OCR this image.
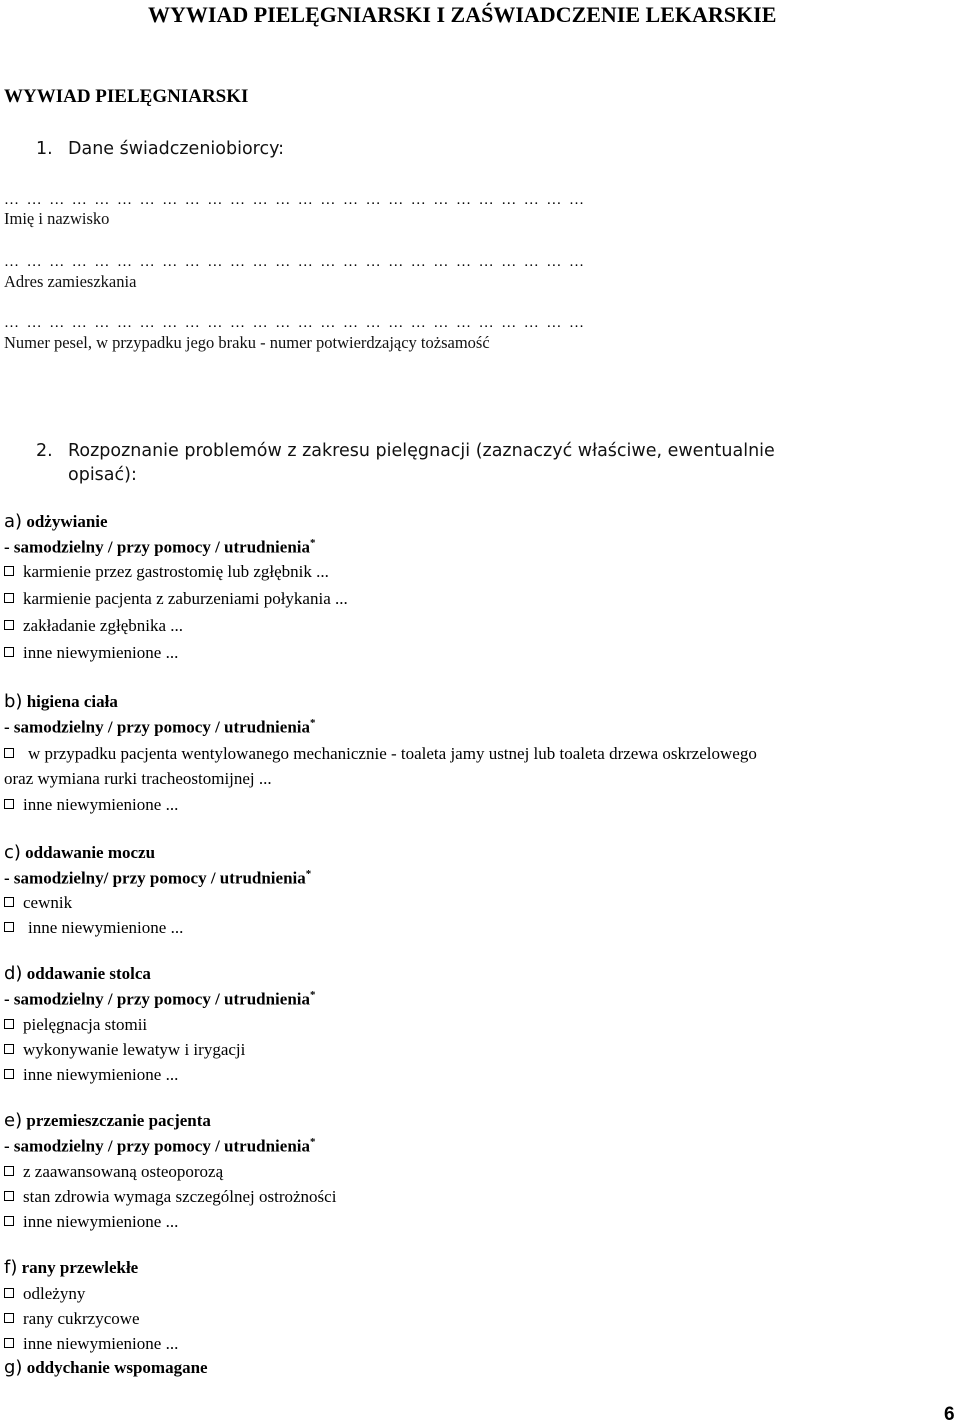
WYWIAD PIELĘGNIARSKI I ZAŚWIADCZENIE LEKARSKIE
WYWIAD PIELĘGNIARSKI
1. Dane świadczeniobiorcy:
……………………………………………………………………
Imię i nazwisko
……………………………………………………………………
Adres zamieszkania
……………………………………………………………………
Numer pesel, w przypadku jego braku - numer potwierdzający tożsamość
2. Rozpoznanie problemów z zakresu pielęgnacji (zaznaczyć właściwe, ewentualnie
opisać):
a) odżywianie
- samodzielny / przy pomocy / utrudnienia*
karmienie przez gastrostomię lub zgłębnik ...
karmienie pacjenta z zaburzeniami połykania ...
zakładanie zgłębnika ...
inne niewymienione ...
b) higiena ciała
- samodzielny / przy pomocy / utrudnienia*
w przypadku pacjenta wentylowanego mechanicznie - toaleta jamy ustnej lub toaleta drzewa oskrzelowego
oraz wymiana rurki tracheostomijnej ...
inne niewymienione ...
c) oddawanie moczu
- samodzielny/ przy pomocy / utrudnienia*
cewnik
inne niewymienione ...
d) oddawanie stolca
- samodzielny / przy pomocy / utrudnienia*
pielęgnacja stomii
wykonywanie lewatyw i irygacji
inne niewymienione ...
e) przemieszczanie pacjenta
- samodzielny / przy pomocy / utrudnienia*
z zaawansowaną osteoporozą
stan zdrowia wymaga szczególnej ostrożności
inne niewymienione ...
f) rany przewlekłe
odleżyny
rany cukrzycowe
inne niewymienione ...
g) oddychanie wspomagane
6
